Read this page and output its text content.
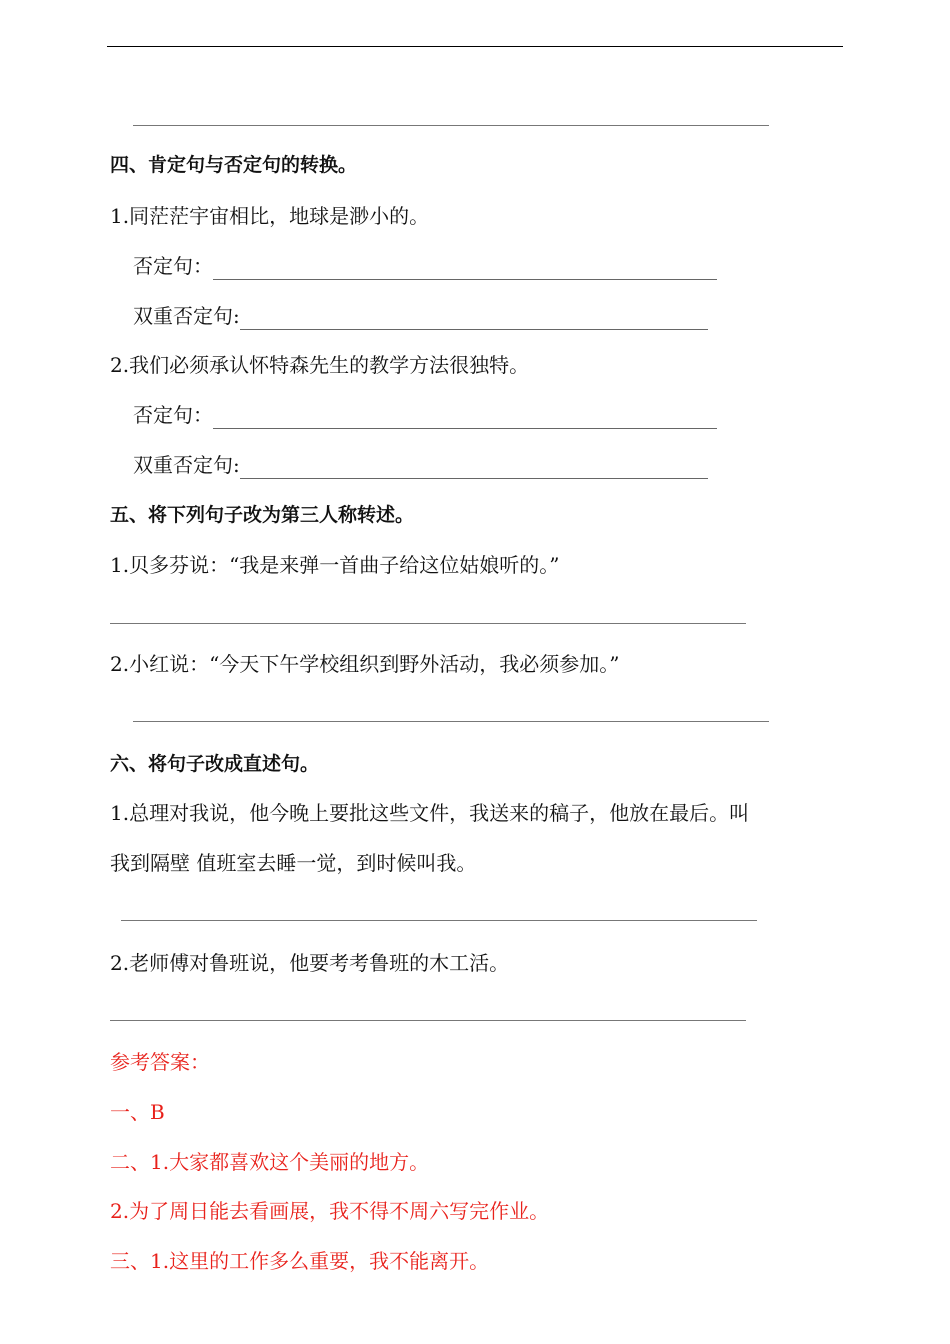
四、肯定句与否定句的转换。
1.同茫茫宇宙相比，地球是渺小的。
否定句：
双重否定句:
2.我们必须承认怀特森先生的教学方法很独特。
否定句：
双重否定句:
五、将下列句子改为第三人称转述。
1.贝多芬说：“我是来弹一首曲子给这位姑娘听的。”
2.小红说：“今天下午学校组织到野外活动，我必须参加。”
六、将句子改成直述句。
1.总理对我说，他今晚上要批这些文件，我送来的稿子，他放在最后。叫
我到隔壁 值班室去睡一觉，到时候叫我。
2.老师傅对鲁班说，他要考考鲁班的木工活。
参考答案：
一、B
二、1.大家都喜欢这个美丽的地方。
2.为了周日能去看画展，我不得不周六写完作业。
三、1.这里的工作多么重要，我不能离开。
